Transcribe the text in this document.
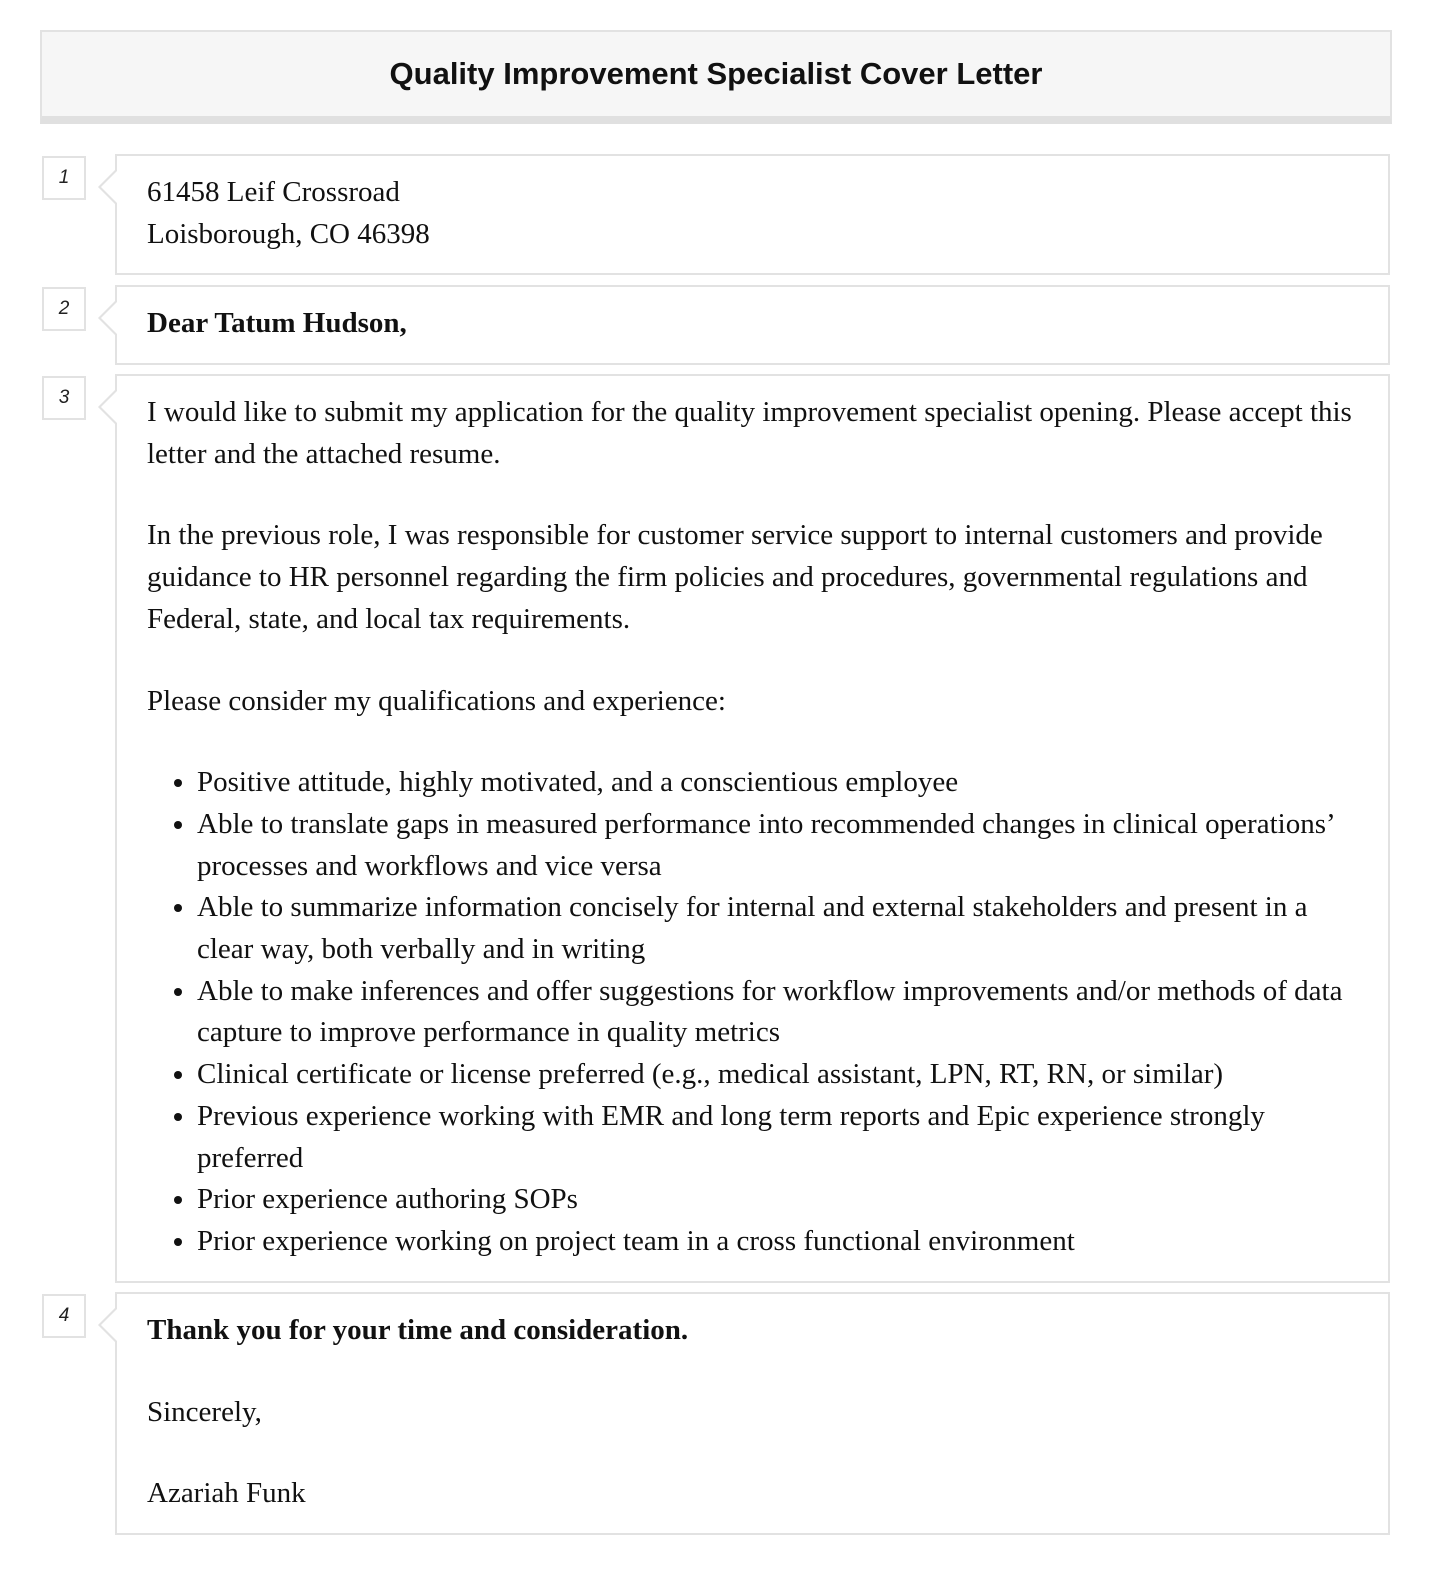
Quality Improvement Specialist Cover Letter
1	61458 Leif Crossroad

Loisborough, CO 46398

2	Dear Tatum Hudson,

3	I would like to submit my application for the quality improvement specialist opening. Please accept this letter and the attached resume.

In the previous role, I was responsible for customer service support to internal customers and provide guidance to HR personnel regarding the firm policies and procedures, governmental regulations and Federal, state, and local tax requirements.

Please consider my qualifications and experience:

• Positive attitude, highly motivated, and a conscientious employee
• Able to translate gaps in measured performance into recommended changes in clinical operations’ processes and workflows and vice versa
• Able to summarize information concisely for internal and external stakeholders and present in a clear way, both verbally and in writing
• Able to make inferences and offer suggestions for workflow improvements and/or methods of data capture to improve performance in quality metrics
• Clinical certificate or license preferred (e.g., medical assistant, LPN, RT, RN, or similar)
• Previous experience working with EMR and long term reports and Epic experience strongly preferred
• Prior experience authoring SOPs
• Prior experience working on project team in a cross functional environment
4	Thank you for your time and consideration.

Sincerely,

Azariah Funk
